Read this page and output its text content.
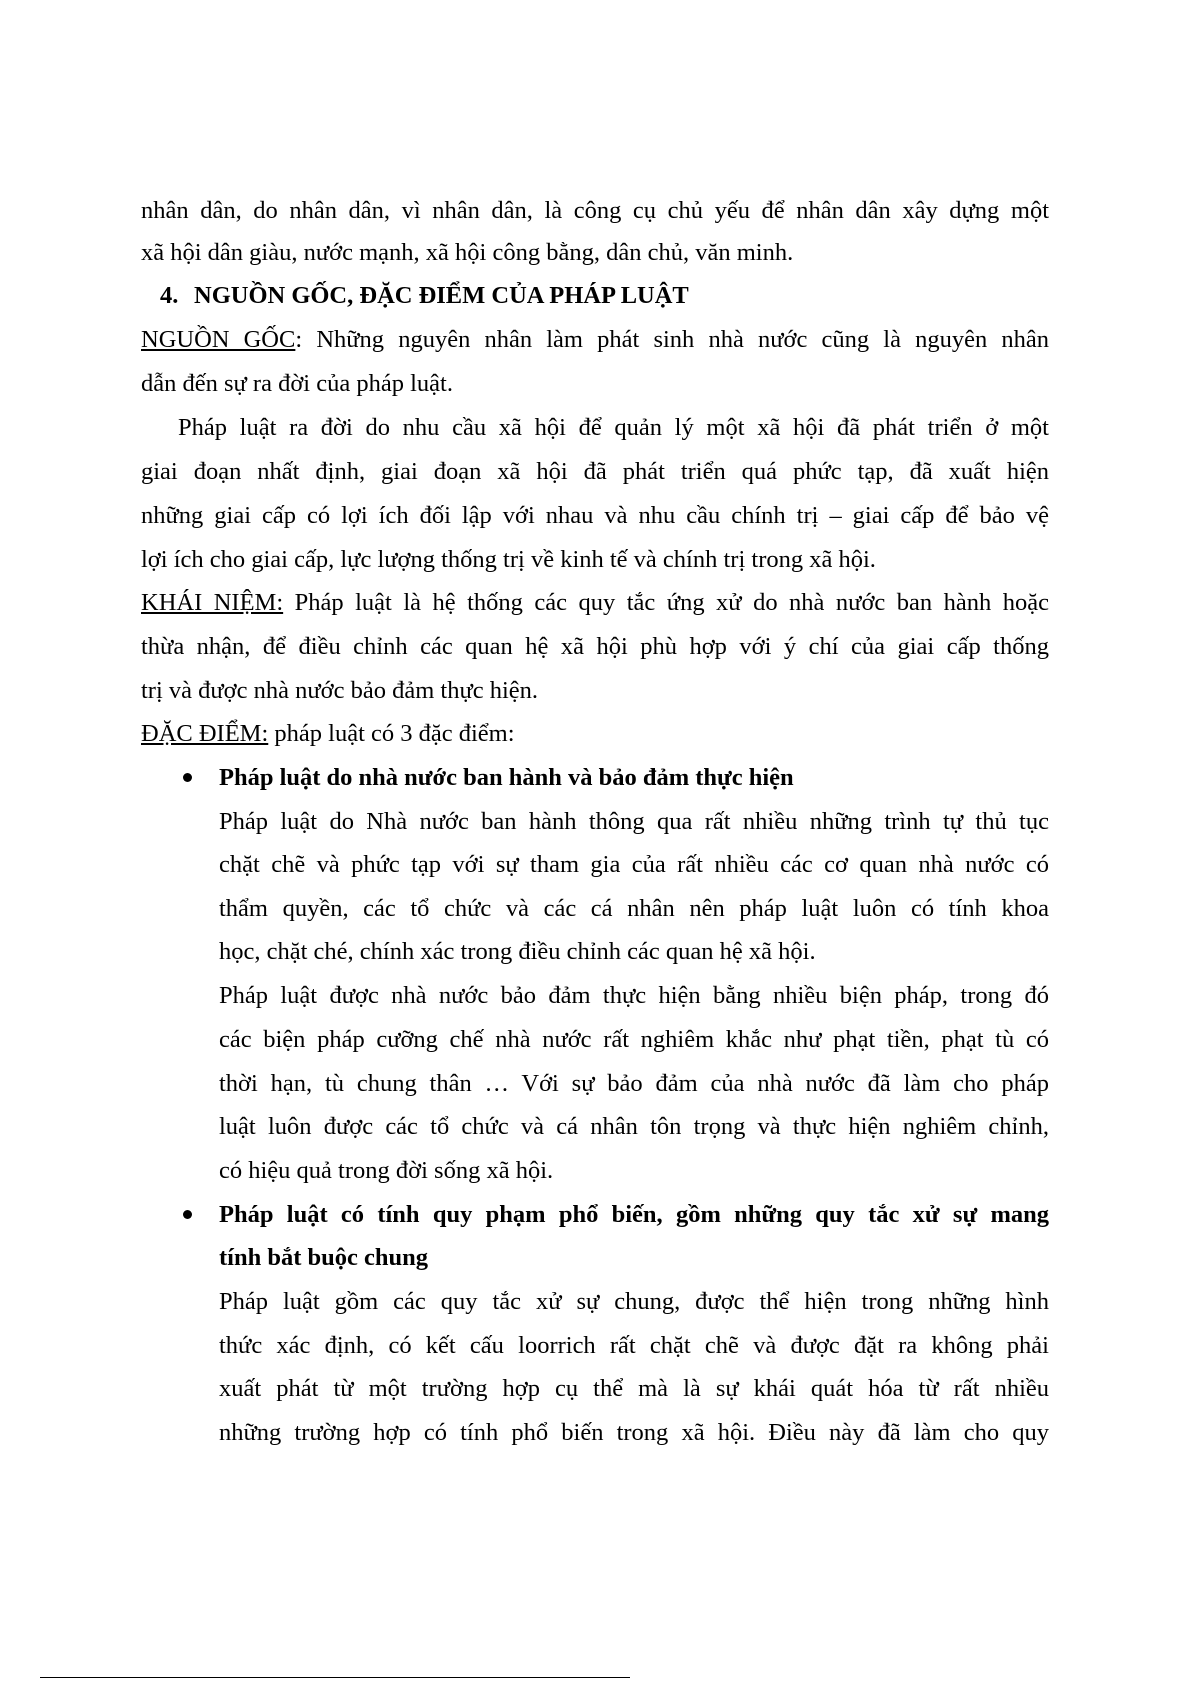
nhân dân, do nhân dân, vì nhân dân, là công cụ chủ yếu để nhân dân xây dựng một
xã hội dân giàu, nước mạnh, xã hội công bằng, dân chủ, văn minh.
4. NGUỒN GỐC, ĐẶC ĐIỂM CỦA PHÁP LUẬT
NGUỒN GỐC: Những nguyên nhân làm phát sinh nhà nước cũng là nguyên nhân
dẫn đến sự ra đời của pháp luật.
Pháp luật ra đời do nhu cầu xã hội để quản lý một xã hội đã phát triển ở một
giai đoạn nhất định, giai đoạn xã hội đã phát triển quá phức tạp, đã xuất hiện
những giai cấp có lợi ích đối lập với nhau và nhu cầu chính trị – giai cấp để bảo vệ
lợi ích cho giai cấp, lực lượng thống trị về kinh tế và chính trị trong xã hội.
KHÁI NIỆM: Pháp luật là hệ thống các quy tắc ứng xử do nhà nước ban hành hoặc
thừa nhận, để điều chỉnh các quan hệ xã hội phù hợp với ý chí của giai cấp thống
trị và được nhà nước bảo đảm thực hiện.
ĐẶC ĐIỂM: pháp luật có 3 đặc điểm:
Pháp luật do nhà nước ban hành và bảo đảm thực hiện
Pháp luật do Nhà nước ban hành thông qua rất nhiều những trình tự thủ tục
chặt chẽ và phức tạp với sự tham gia của rất nhiều các cơ quan nhà nước có
thẩm quyền, các tổ chức và các cá nhân nên pháp luật luôn có tính khoa
học, chặt ché, chính xác trong điều chỉnh các quan hệ xã hội.
Pháp luật được nhà nước bảo đảm thực hiện bằng nhiều biện pháp, trong đó
các biện pháp cưỡng chế nhà nước rất nghiêm khắc như phạt tiền, phạt tù có
thời hạn, tù chung thân … Với sự bảo đảm của nhà nước đã làm cho pháp
luật luôn được các tổ chức và cá nhân tôn trọng và thực hiện nghiêm chỉnh,
có hiệu quả trong đời sống xã hội.
Pháp luật có tính quy phạm phổ biến, gồm những quy tắc xử sự mang
tính bắt buộc chung
Pháp luật gồm các quy tắc xử sự chung, được thể hiện trong những hình
thức xác định, có kết cấu loorrich rất chặt chẽ và được đặt ra không phải
xuất phát từ một trường hợp cụ thể mà là sự khái quát hóa từ rất nhiều
những trường hợp có tính phổ biến trong xã hội. Điều này đã làm cho quy
